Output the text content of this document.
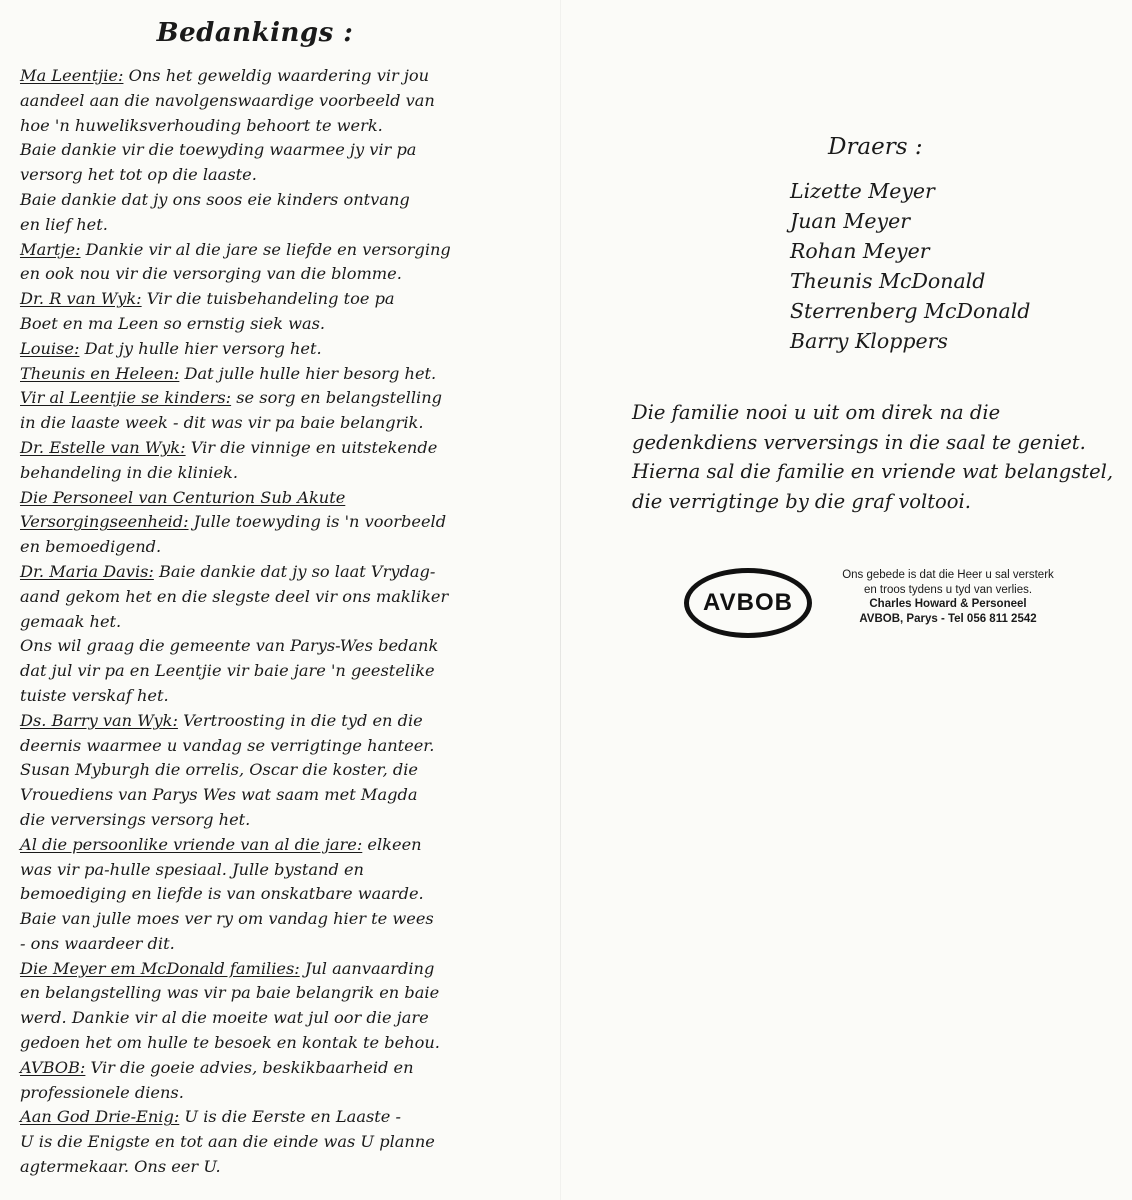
Bedankings :

Ma Leentjie: Ons het geweldig waardering vir jou
aandeel aan die navolgenswaardige voorbeeld van
hoe 'n huweliksverhouding behoort te werk.
Baie dankie vir die toewyding waarmee jy vir pa
versorg het tot op die laaste.
Baie dankie dat jy ons soos eie kinders ontvang
en lief het.

Martje: Dankie vir al die jare se liefde en versorging
en ook nou vir die versorging van die blomme.

Dr. R van Wyk: Vir die tuisbehandeling toe pa
Boet en ma Leen so ernstig siek was.

Louise: Dat jy hulle hier versorg het.

Theunis en Heleen: Dat julle hulle hier besorg het.

Vir al Leentjie se kinders: se sorg en belangstelling
in die laaste week - dit was vir pa baie belangrik.

Dr. Estelle van Wyk: Vir die vinnige en uitstekende
behandeling in die kliniek.

Die Personeel van Centurion Sub Akute
Versorgingseenheid: Julle toewyding is 'n voorbeeld
en bemoedigend.

Dr. Maria Davis: Baie dankie dat jy so laat Vrydag-
aand gekom het en die slegste deel vir ons makliker
gemaak het.

Ons wil graag die gemeente van Parys-Wes bedank
dat jul vir pa en Leentjie vir baie jare 'n geestelike
tuiste verskaf het.

Ds. Barry van Wyk: Vertroosting in die tyd en die
deernis waarmee u vandag se verrigtinge hanteer.

Susan Myburgh die orrelis, Oscar die koster, die
Vrouediens van Parys Wes wat saam met Magda
die verversings versorg het.

Al die persoonlike vriende van al die jare: elkeen
was vir pa-hulle spesiaal. Julle bystand en
bemoediging en liefde is van onskatbare waarde.
Baie van julle moes ver ry om vandag hier te wees
- ons waardeer dit.

Die Meyer em McDonald families: Jul aanvaarding
en belangstelling was vir pa baie belangrik en baie
werd. Dankie vir al die moeite wat jul oor die jare
gedoen het om hulle te besoek en kontak te behou.

AVBOB: Vir die goeie advies, beskikbaarheid en
professionele diens.

Aan God Drie-Enig: U is die Eerste en Laaste -
U is die Enigste en tot aan die einde was U planne
agtermekaar. Ons eer U.

Draers :
Lizette Meyer
Juan Meyer
Rohan Meyer
Theunis McDonald
Sterrenberg McDonald
Barry Kloppers

Die familie nooi u uit om direk na die gedenkdiens verversings in die saal te geniet. Hierna sal die familie en vriende wat belangstel, die verrigtinge by die graf voltooi.

AVBOB
Ons gebede is dat die Heer u sal versterk
en troos tydens u tyd van verlies.
Charles Howard & Personeel
AVBOB, Parys - Tel 056 811 2542
